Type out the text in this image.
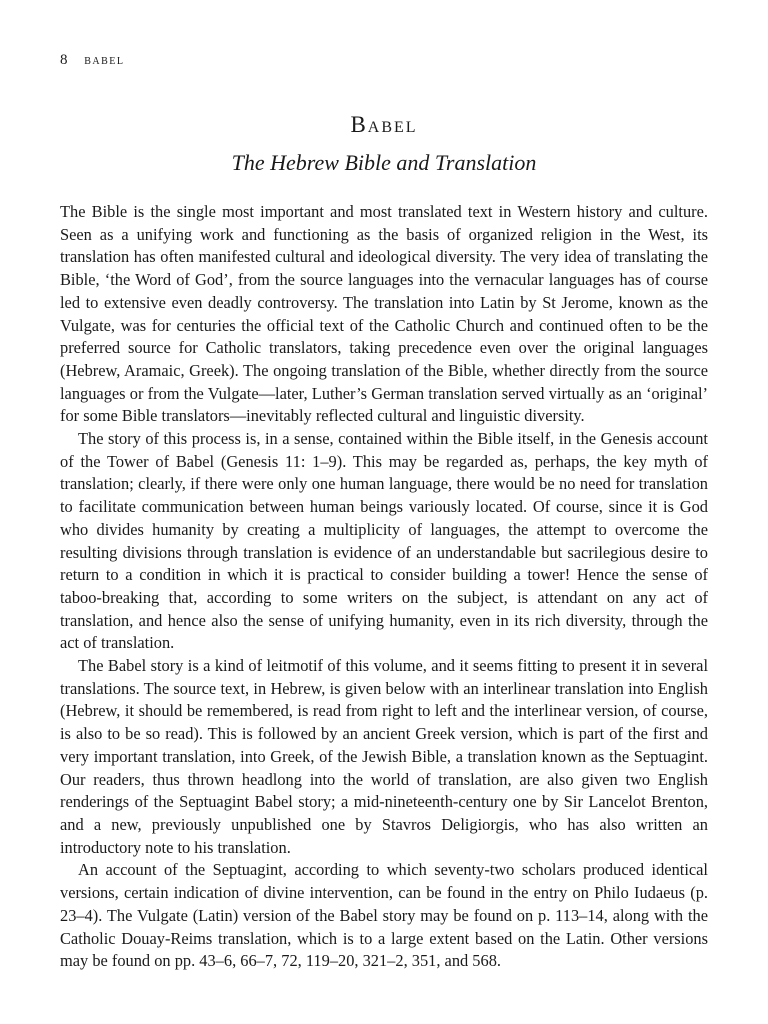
8 babel
Babel
The Hebrew Bible and Translation

The Bible is the single most important and most translated text in Western history and culture. Seen as a unifying work and functioning as the basis of organized religion in the West, its translation has often manifested cultural and ideological diversity. The very idea of translating the Bible, ‘the Word of God’, from the source languages into the vernacular languages has of course led to extensive even deadly controversy. The translation into Latin by St Jerome, known as the Vulgate, was for centuries the official text of the Catholic Church and continued often to be the preferred source for Catholic translators, taking precedence even over the original languages (Hebrew, Aramaic, Greek). The ongoing translation of the Bible, whether directly from the source languages or from the Vulgate—later, Luther’s German translation served virtually as an ‘original’ for some Bible translators—inevitably reflected cultural and linguistic diversity.

The story of this process is, in a sense, contained within the Bible itself, in the Genesis account of the Tower of Babel (Genesis 11: 1–9). This may be regarded as, perhaps, the key myth of translation; clearly, if there were only one human language, there would be no need for translation to facilitate communication between human beings variously located. Of course, since it is God who divides humanity by creating a multiplicity of languages, the attempt to overcome the resulting divisions through translation is evidence of an understandable but sacrilegious desire to return to a condition in which it is practical to consider building a tower! Hence the sense of taboo-breaking that, according to some writers on the subject, is attendant on any act of translation, and hence also the sense of unifying humanity, even in its rich diversity, through the act of translation.

The Babel story is a kind of leitmotif of this volume, and it seems fitting to present it in several translations. The source text, in Hebrew, is given below with an interlinear translation into English (Hebrew, it should be remembered, is read from right to left and the interlinear version, of course, is also to be so read). This is followed by an ancient Greek version, which is part of the first and very important translation, into Greek, of the Jewish Bible, a translation known as the Septuagint. Our readers, thus thrown headlong into the world of translation, are also given two English renderings of the Septuagint Babel story; a mid-nineteenth-century one by Sir Lancelot Brenton, and a new, previously unpublished one by Stavros Deligiorgis, who has also written an introductory note to his translation.

An account of the Septuagint, according to which seventy-two scholars produced identical versions, certain indication of divine intervention, can be found in the entry on Philo Iudaeus (p. 23–4). The Vulgate (Latin) version of the Babel story may be found on p. 113–14, along with the Catholic Douay-Reims translation, which is to a large extent based on the Latin. Other versions may be found on pp. 43–6, 66–7, 72, 119–20, 321–2, 351, and 568.
